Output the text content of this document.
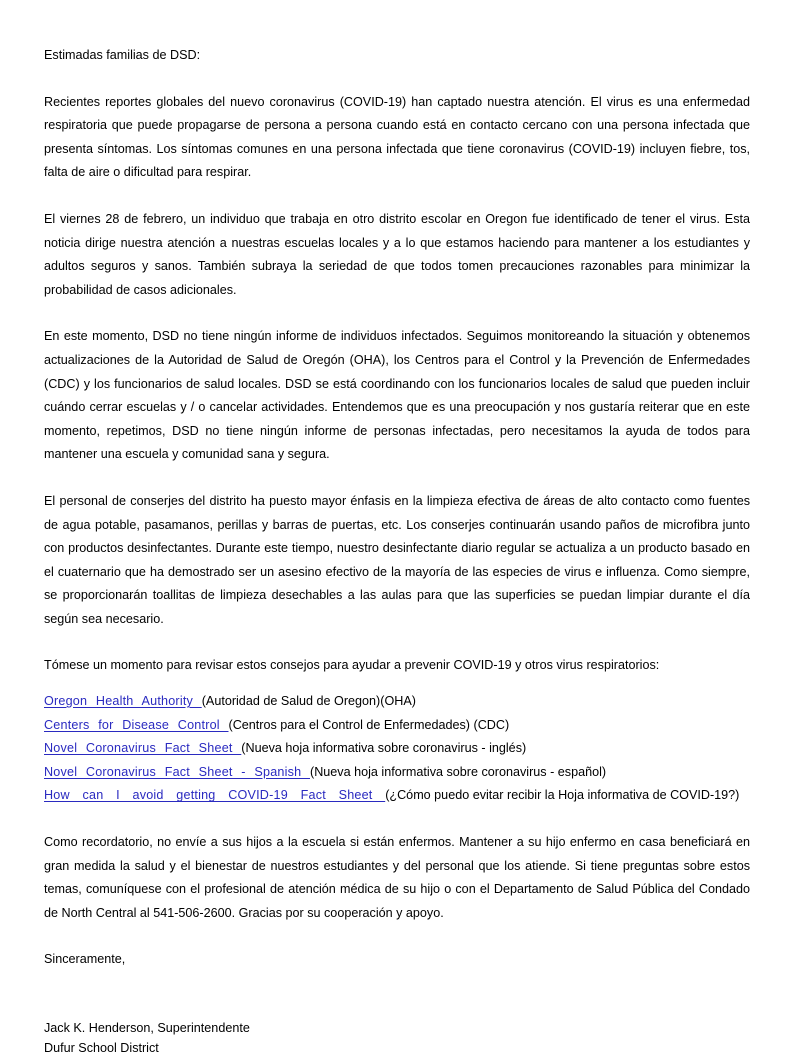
Estimadas familias de DSD:

Recientes reportes globales del nuevo coronavirus (COVID-19) han captado nuestra atención. El virus es una enfermedad respiratoria que puede propagarse de persona a persona cuando está en contacto cercano con una persona infectada que presenta síntomas. Los síntomas comunes en una persona infectada que tiene coronavirus (COVID-19) incluyen fiebre, tos, falta de aire o dificultad para respirar.

El viernes 28 de febrero, un individuo que trabaja en otro distrito escolar en Oregon fue identificado de tener el virus. Esta noticia dirige nuestra atención a nuestras escuelas locales y a lo que estamos haciendo para mantener a los estudiantes y adultos seguros y sanos. También subraya la seriedad de que todos tomen precauciones razonables para minimizar la probabilidad de casos adicionales.

En este momento, DSD no tiene ningún informe de individuos infectados. Seguimos monitoreando la situación y obtenemos actualizaciones de la Autoridad de Salud de Oregón (OHA), los Centros para el Control y la Prevención de Enfermedades (CDC) y los funcionarios de salud locales. DSD se está coordinando con los funcionarios locales de salud que pueden incluir cuándo cerrar escuelas y / o cancelar actividades. Entendemos que es una preocupación y nos gustaría reiterar que en este momento, repetimos, DSD no tiene ningún informe de personas infectadas, pero necesitamos la ayuda de todos para mantener una escuela y comunidad sana y segura.

El personal de conserjes del distrito ha puesto mayor énfasis en la limpieza efectiva de áreas de alto contacto como fuentes de agua potable, pasamanos, perillas y barras de puertas, etc. Los conserjes continuarán usando paños de microfibra junto con productos desinfectantes. Durante este tiempo, nuestro desinfectante diario regular se actualiza a un producto basado en el cuaternario que ha demostrado ser un asesino efectivo de la mayoría de las especies de virus e influenza. Como siempre, se proporcionarán toallitas de limpieza desechables a las aulas para que las superficies se puedan limpiar durante el día según sea necesario.

Tómese un momento para revisar estos consejos para ayudar a prevenir COVID-19 y otros virus respiratorios:

Oregon Health Authority (Autoridad de Salud de Oregon)(OHA)
Centers for Disease Control (Centros para el Control de Enfermedades) (CDC)
Novel Coronavirus Fact Sheet (Nueva hoja informativa sobre coronavirus - inglés)
Novel Coronavirus Fact Sheet - Spanish (Nueva hoja informativa sobre coronavirus - español)
How can I avoid getting COVID-19 Fact Sheet (¿Cómo puedo evitar recibir la Hoja informativa de COVID-19?)

Como recordatorio, no envíe a sus hijos a la escuela si están enfermos. Mantener a su hijo enfermo en casa beneficiará en gran medida la salud y el bienestar de nuestros estudiantes y del personal que los atiende. Si tiene preguntas sobre estos temas, comuníquese con el profesional de atención médica de su hijo o con el Departamento de Salud Pública del Condado de North Central al 541-506-2600. Gracias por su cooperación y apoyo.

Sinceramente,

Jack K. Henderson, Superintendente

Dufur School District
